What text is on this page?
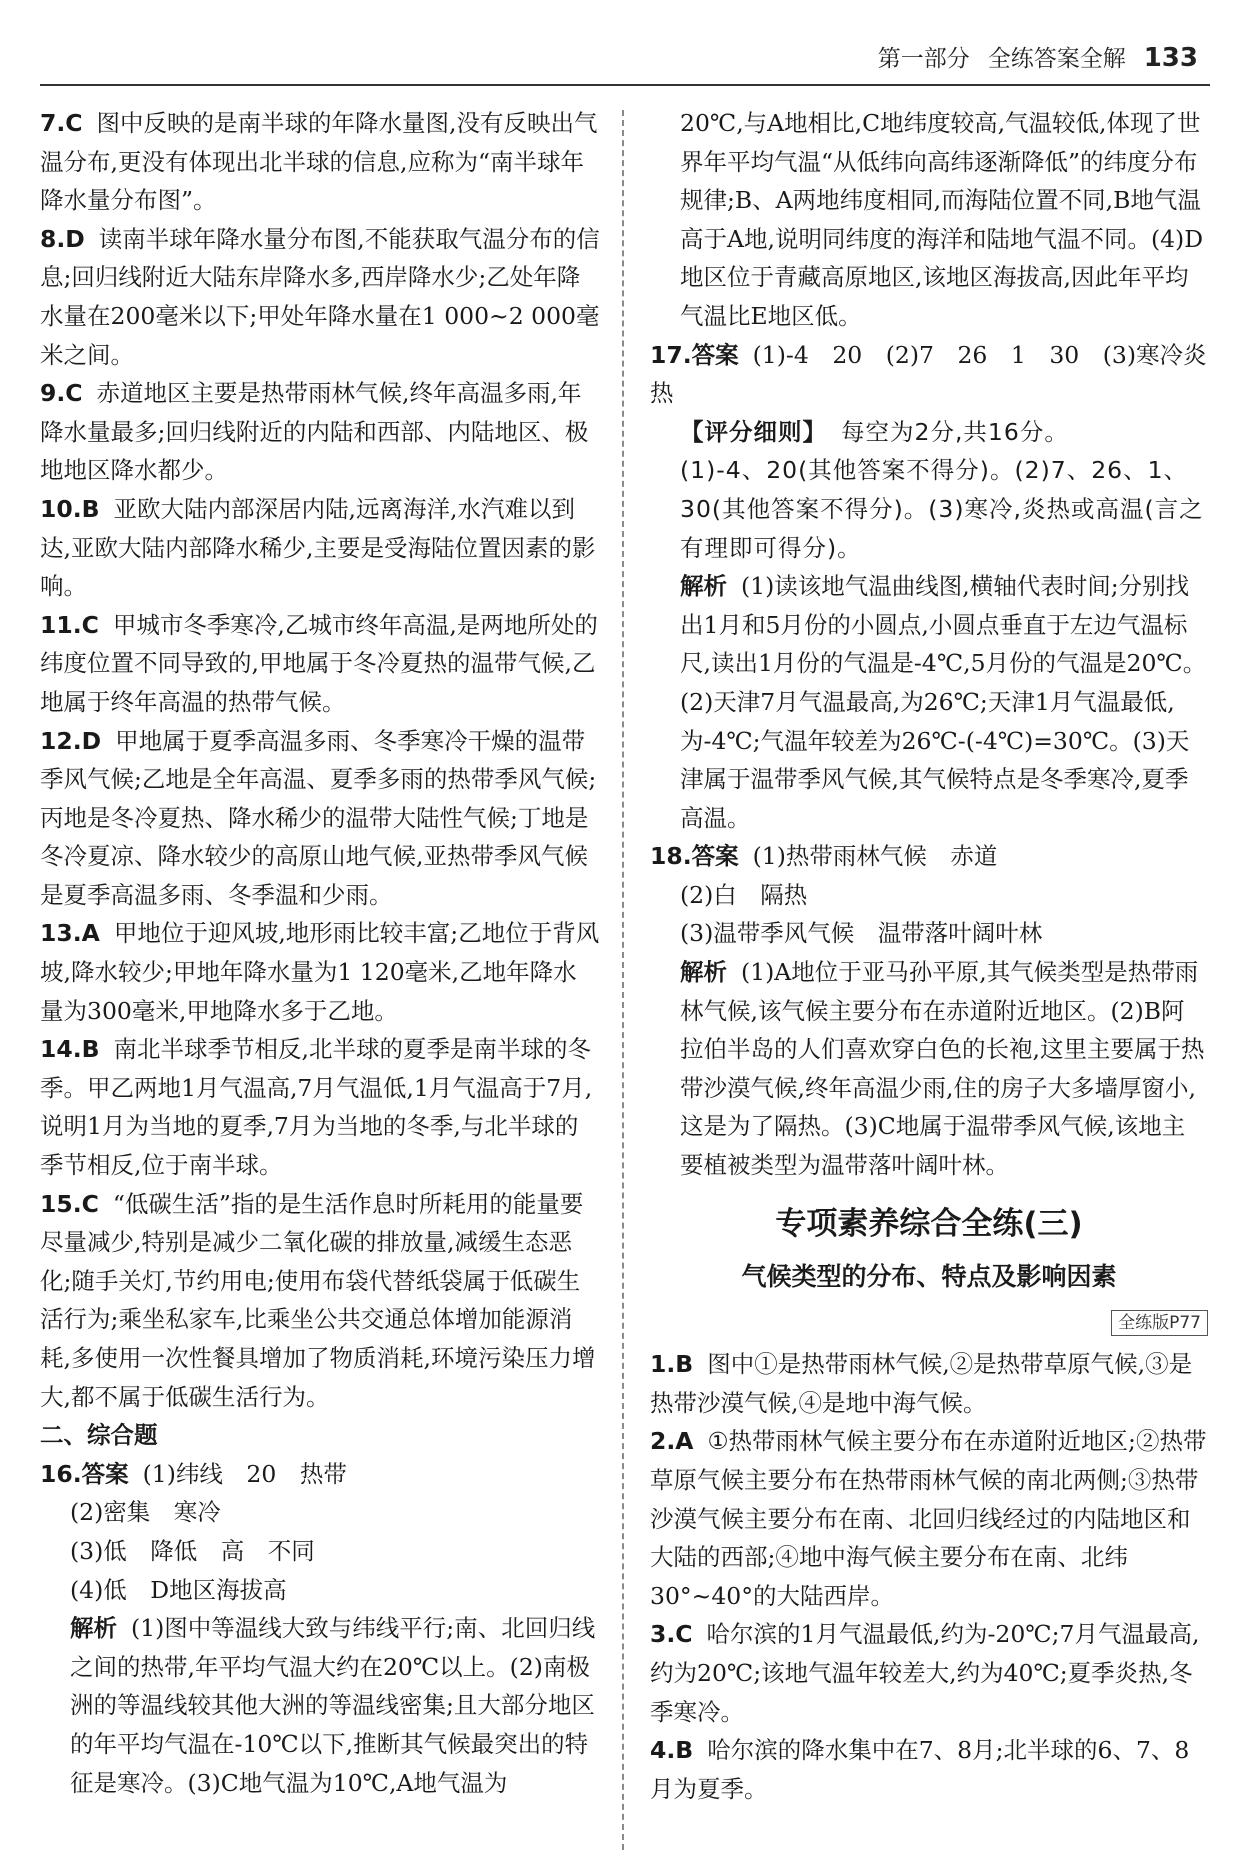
第一部分 全练答案全解 133

7.C 图中反映的是南半球的年降水量图,没有反映出气温分布,更没有体现出北半球的信息,应称为“南半球年降水量分布图”。

8.D 读南半球年降水量分布图,不能获取气温分布的信息;回归线附近大陆东岸降水多,西岸降水少;乙处年降水量在200毫米以下;甲处年降水量在1 000~2 000毫米之间。

9.C 赤道地区主要是热带雨林气候,终年高温多雨,年降水量最多;回归线附近的内陆和西部、内陆地区、极地地区降水都少。

10.B 亚欧大陆内部深居内陆,远离海洋,水汽难以到达,亚欧大陆内部降水稀少,主要是受海陆位置因素的影响。

11.C 甲城市冬季寒冷,乙城市终年高温,是两地所处的纬度位置不同导致的,甲地属于冬冷夏热的温带气候,乙地属于终年高温的热带气候。

12.D 甲地属于夏季高温多雨、冬季寒冷干燥的温带季风气候;乙地是全年高温、夏季多雨的热带季风气候;丙地是冬冷夏热、降水稀少的温带大陆性气候;丁地是冬冷夏凉、降水较少的高原山地气候,亚热带季风气候是夏季高温多雨、冬季温和少雨。

13.A 甲地位于迎风坡,地形雨比较丰富;乙地位于背风坡,降水较少;甲地年降水量为1 120毫米,乙地年降水量为300毫米,甲地降水多于乙地。

14.B 南北半球季节相反,北半球的夏季是南半球的冬季。甲乙两地1月气温高,7月气温低,1月气温高于7月,说明1月为当地的夏季,7月为当地的冬季,与北半球的季节相反,位于南半球。

15.C “低碳生活”指的是生活作息时所耗用的能量要尽量减少,特别是减少二氧化碳的排放量,减缓生态恶化;随手关灯,节约用电;使用布袋代替纸袋属于低碳生活行为;乘坐私家车,比乘坐公共交通总体增加能源消耗,多使用一次性餐具增加了物质消耗,环境污染压力增大,都不属于低碳生活行为。

二、综合题

16.答案 (1)纬线　20　热带

(2)密集　寒冷

(3)低　降低　高　不同

(4)低　D地区海拔高

解析 (1)图中等温线大致与纬线平行;南、北回归线之间的热带,年平均气温大约在20℃以上。(2)南极洲的等温线较其他大洲的等温线密集;且大部分地区的年平均气温在-10℃以下,推断其气候最突出的特征是寒冷。(3)C地气温为10℃,A地气温为

20℃,与A地相比,C地纬度较高,气温较低,体现了世界年平均气温“从低纬向高纬逐渐降低”的纬度分布规律;B、A两地纬度相同,而海陆位置不同,B地气温高于A地,说明同纬度的海洋和陆地气温不同。(4)D地区位于青藏高原地区,该地区海拔高,因此年平均气温比E地区低。

17.答案 (1)-4　20　(2)7　26　1　30　(3)寒冷炎热

【评分细则】 每空为2分,共16分。

(1)-4、20(其他答案不得分)。(2)7、26、1、30(其他答案不得分)。(3)寒冷,炎热或高温(言之有理即可得分)。

解析 (1)读该地气温曲线图,横轴代表时间;分别找出1月和5月份的小圆点,小圆点垂直于左边气温标尺,读出1月份的气温是-4℃,5月份的气温是20℃。(2)天津7月气温最高,为26℃;天津1月气温最低,为-4℃;气温年较差为26℃-(-4℃)=30℃。(3)天津属于温带季风气候,其气候特点是冬季寒冷,夏季高温。

18.答案 (1)热带雨林气候　赤道

(2)白　隔热

(3)温带季风气候　温带落叶阔叶林

解析 (1)A地位于亚马孙平原,其气候类型是热带雨林气候,该气候主要分布在赤道附近地区。(2)B阿拉伯半岛的人们喜欢穿白色的长袍,这里主要属于热带沙漠气候,终年高温少雨,住的房子大多墙厚窗小,这是为了隔热。(3)C地属于温带季风气候,该地主要植被类型为温带落叶阔叶林。

专项素养综合全练(三)
气候类型的分布、特点及影响因素
全练版P77

1.B 图中①是热带雨林气候,②是热带草原气候,③是热带沙漠气候,④是地中海气候。

2.A ①热带雨林气候主要分布在赤道附近地区;②热带草原气候主要分布在热带雨林气候的南北两侧;③热带沙漠气候主要分布在南、北回归线经过的内陆地区和大陆的西部;④地中海气候主要分布在南、北纬30°~40°的大陆西岸。

3.C 哈尔滨的1月气温最低,约为-20℃;7月气温最高,约为20℃;该地气温年较差大,约为40℃;夏季炎热,冬季寒冷。

4.B 哈尔滨的降水集中在7、8月;北半球的6、7、8月为夏季。
